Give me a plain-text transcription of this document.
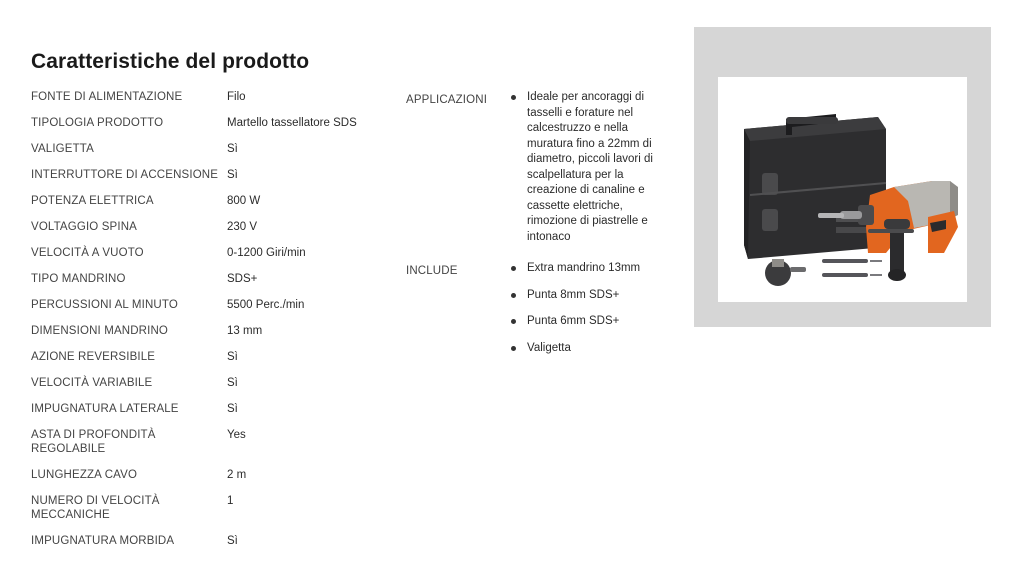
Caratteristiche del prodotto
FONTE DI ALIMENTAZIONE	Filo
TIPOLOGIA PRODOTTO	Martello tassellatore SDS
VALIGETTA	Sì
INTERRUTTORE DI ACCENSIONE	Sì
POTENZA ELETTRICA	800 W
VOLTAGGIO SPINA	230 V
VELOCITÀ A VUOTO	0-1200 Giri/min
TIPO MANDRINO	SDS+
PERCUSSIONI AL MINUTO	5500 Perc./min
DIMENSIONI MANDRINO	13 mm
AZIONE REVERSIBILE	Sì
VELOCITÀ VARIABILE	Sì
IMPUGNATURA LATERALE	Sì
ASTA DI PROFONDITÀ REGOLABILE	Yes
LUNGHEZZA CAVO	2 m
NUMERO DI VELOCITÀ MECCANICHE	1
IMPUGNATURA MORBIDA	Sì
APPLICAZIONI	Ideale per ancoraggi di tasselli e forature nel calcestruzzo e nella muratura fino a 22mm di diametro, piccoli lavori di scalpellatura per la creazione di canaline e cassette elettriche, rimozione di piastrelle e intonaco
INCLUDE	Extra mandrino 13mm
Punta 8mm SDS+
Punta 6mm SDS+
Valigetta
